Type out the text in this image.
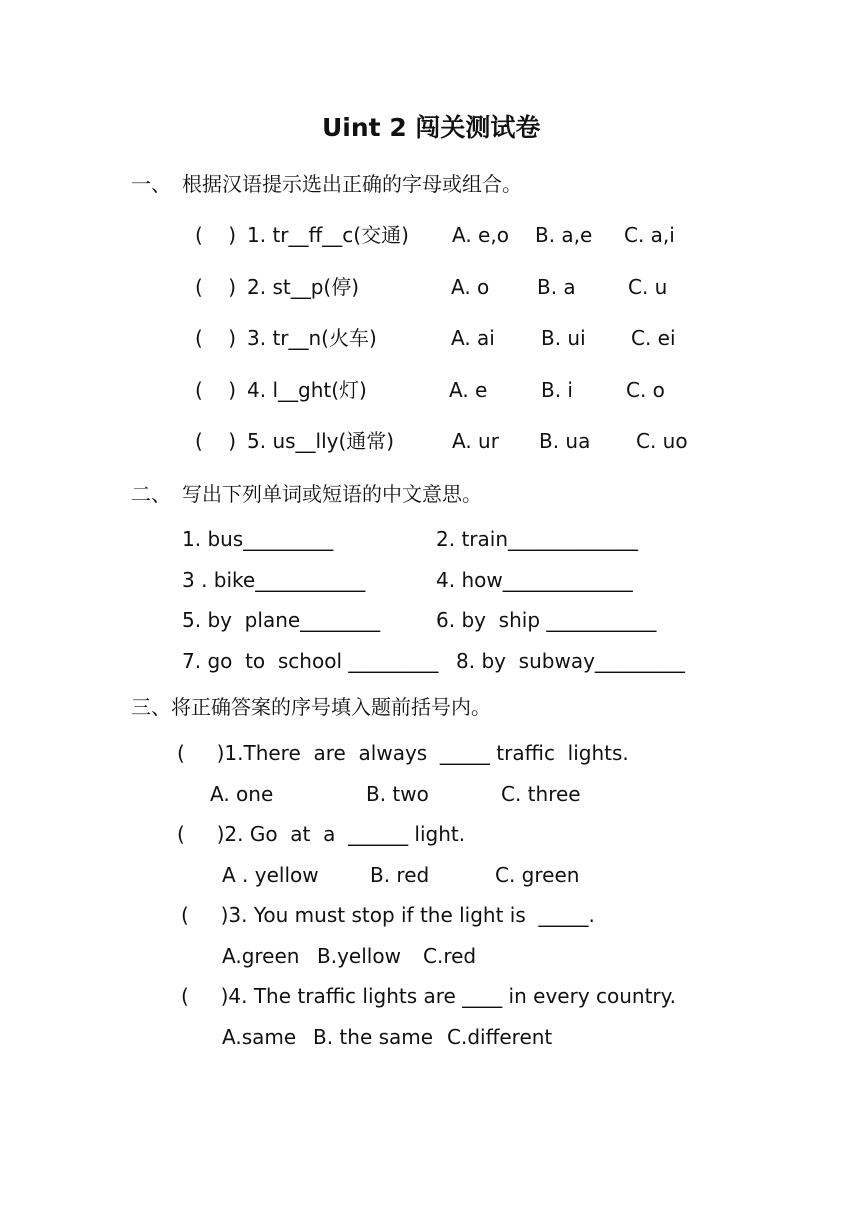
Uint 2 闯关测试卷
一、 根据汉语提示选出正确的字母或组合。
(    ) 1. tr__ff__c(交通) A. e,o B. a,e C. a,i
(    ) 2. st__p(停)	A. o B. a	C. u
(    ) 3. tr__n(火车)	A. ai B. ui C. ei
(    ) 4. l__ght(灯)	A. e	B. i	C. o
(    ) 5. us__lly(通常)	A. ur B. ua C. uo
二、 写出下列单词或短语的中文意思。
1. bus_________	2. train_____________
3 . bike___________	4. how_____________
5. by  plane________	6. by  ship ___________
7. go  to  school _________ 8. by  subway_________
三、将正确答案的序号填入题前括号内。
(     )1.There  are  always  _____ traffic  lights.
A. one	B. two	C. three
(     )2. Go  at  a  ______ light.
A . yellow	B. red	C. green
(     )3. You must stop if the light is  _____.
A.green B.yellow C.red
(     )4. The traffic lights are ____ in every country.
A.same B. the same C.different
